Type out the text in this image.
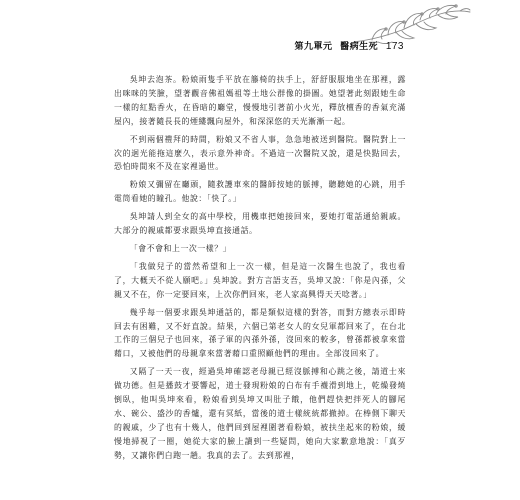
第九單元 醫病生死 173

吳坤去泡茶。粉娘雨隻手平放在籐椅的扶手上，舒舒服服地坐在那裡，露出咪咪的笑臉，望著觀音佛祖媽祖等土地公群像的掛圖。她望著此刻跟她生命一樣的紅點香火，在昏暗的廳堂，慢慢地引著前小火光，釋放檀香的香氣充滿屋內，接著隨長長的煙縷飄向屋外，和深深悠的天光漸漸一起。

不到兩個禮拜的時間，粉娘又不省人事，急急地被送到醫院。醫院對上一次的迴光能拖這麼久，表示意外神奇。不過這一次醫院又說，還是快點回去，恐怕時間來不及在家裡過世。

粉娘又彌留在廳頭，隨救護車來的醫師按她的脈搏，聽聽她的心跳，用手電筒看她的瞳孔。他說：「快了。」

吳坤請人到全女的高中學校，用機車把她接回來，要她打電話通給親戚。大部分的親戚都要求跟吳坤直接通話。

「會不會和上一次一樣？」

「我做兒子的當然希望和上一次一樣，但是這一次醫生也說了，我也看了，大概天不從人願吧。」吳坤說。對方言語支吾，吳坤又說：「你是內孫，父親又不在，你一定要回來，上次你們回來，老人家高興得天天唸著。」

幾乎每一個要求跟吳坤通話的，都是類似這樣的對答，而對方總表示即時回去有困難，又不好直說。結果，六個已第老女人的女兒軍都回來了，在台北工作的三個兒子也回來，孫子軍的內孫外孫，沒回來的較多，曾孫都被拿來當藉口，又被他們的母親拿來當著藉口重照顧他們的理由。全部沒回來了。

又隔了一天一夜，經過吳坤確認老母親已經沒脈搏和心跳之後，請道士來做功德。但是播鼓才要響起，道士發現粉娘的白布有手襪滑到地上，乾燥發燒倒臥，他叫吳坤來看，粉娘看到吳坤又叫肚子餓，他們趕快把拌死人的腳尾水、碗公、盛沙的香爐，還有冥紙，當後的道士樣統統都撤掉。在棒側下聊天的親戚，少了也有十幾人，他們回到屋裡圍著看粉娘，被扶坐起來的粉娘，緩慢地掃視了一圈，她從大家的臉上讀到一些疑問，她向大家歉意地說：「真歹勢，又讓你們白跑一趟。我真的去了。去到那裡，
